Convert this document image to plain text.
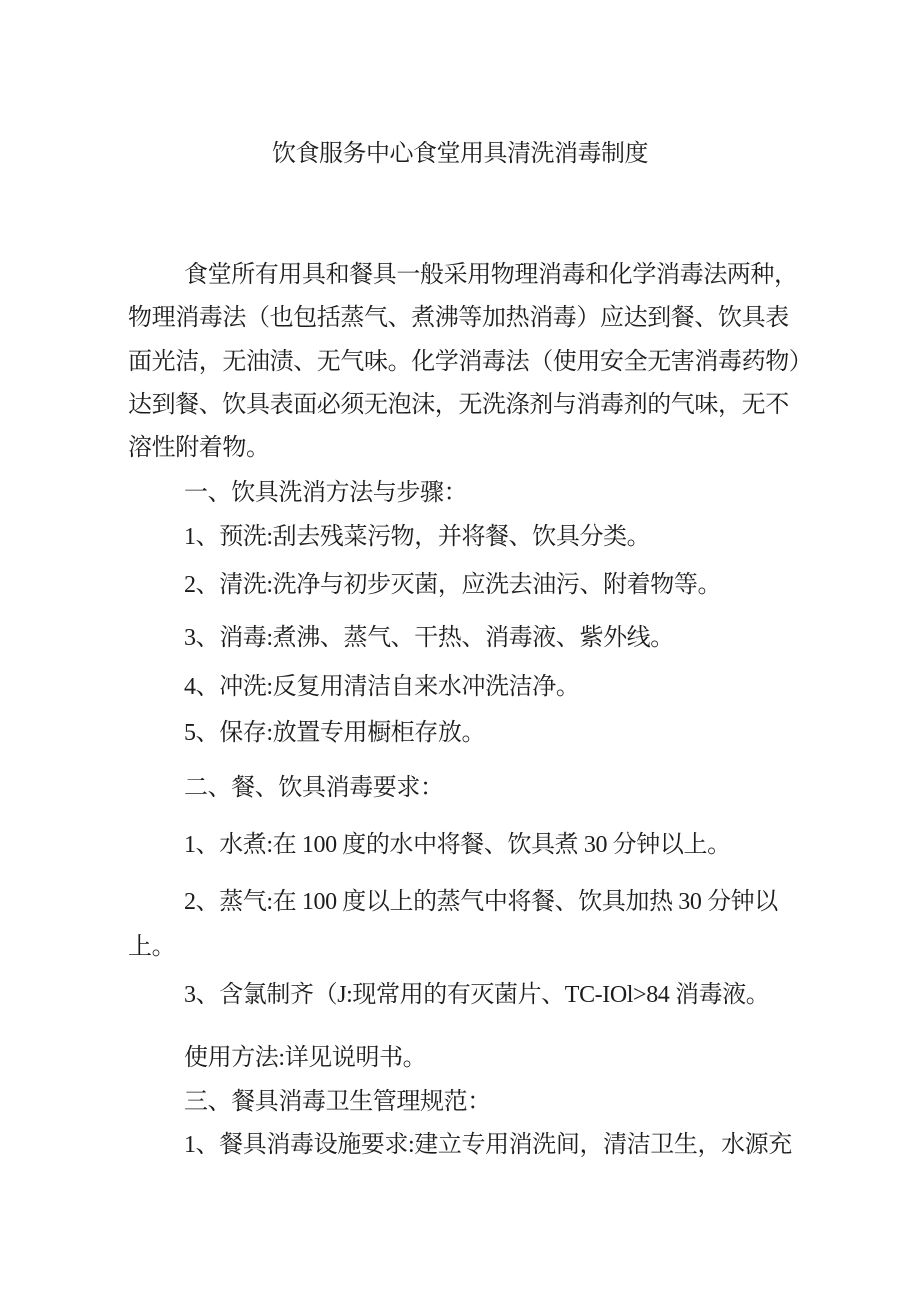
饮食服务中心食堂用具清洗消毒制度

食堂所有用具和餐具一般采用物理消毒和化学消毒法两种，

物理消毒法（也包括蒸气、煮沸等加热消毒）应达到餐、饮具表

面光洁，无油渍、无气味。化学消毒法（使用安全无害消毒药物）

达到餐、饮具表面必须无泡沫，无洗涤剂与消毒剂的气味，无不

溶性附着物。

一、饮具洗消方法与步骤：

1、预洗:刮去残菜污物，并将餐、饮具分类。

2、清洗:洗净与初步灭菌，应洗去油污、附着物等。

3、消毒:煮沸、蒸气、干热、消毒液、紫外线。

4、冲洗:反复用清洁自来水冲洗洁净。

5、保存:放置专用橱柜存放。

二、餐、饮具消毒要求：

1、水煮:在 100 度的水中将餐、饮具煮 30 分钟以上。

2、蒸气:在 100 度以上的蒸气中将餐、饮具加热 30 分钟以

上。

3、含氯制齐（J:现常用的有灭菌片、TC-IOl>84 消毒液。

使用方法:详见说明书。

三、餐具消毒卫生管理规范：

1、餐具消毒设施要求:建立专用消洗间，清洁卫生，水源充
